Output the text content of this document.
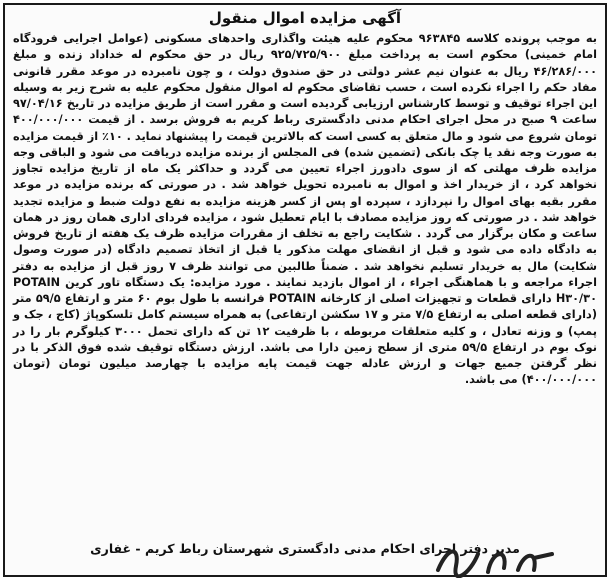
آگهی مزایده اموال منقول

به موجب پرونده کلاسه ۹۶۳۸۴۵ محکوم علیه هیئت واگذاری واحدهای مسکونی (عوامل اجرایی فرودگاه امام خمینی) محکوم است به پرداخت مبلغ ۹۲۵/۷۲۵/۹۰۰ ریال در حق محکوم له خداداد زنده و مبلغ ۴۶/۲۸۶/۰۰۰ ریال به عنوان نیم عشر دولتی در حق صندوق دولت ، و چون نامبرده در موعد مقرر قانونی مفاد حکم را اجراء نکرده است ، حسب تقاضای محکوم له اموال منقول محکوم علیه به شرح زیر به وسیله این اجراء توقیف و توسط کارشناس ارزیابی گردیده است و مقرر است از طریق مزایده در تاریخ ۹۷/۰۴/۱۶ ساعت ۹ صبح در محل اجرای احکام مدنی دادگستری رباط کریم به فروش برسد . از قیمت ۴۰۰/۰۰۰/۰۰۰ تومان شروع می شود و مال متعلق به کسی است که بالاترین قیمت را پیشنهاد نماید . ۱۰٪ از قیمت مزایده به صورت وجه نقد یا چک بانکی (تضمین شده) فی المجلس از برنده مزایده دریافت می شود و الباقی وجه مزایده ظرف مهلتی که از سوی دادورز اجراء تعیین می گردد و حداکثر یک ماه از تاریخ مزایده تجاوز نخواهد کرد ، از خریدار اخذ و اموال به نامبرده تحویل خواهد شد . در صورتی که برنده مزایده در موعد مقرر بقیه بهای اموال را نپردازد ، سپرده او پس از کسر هزینه مزایده به نفع دولت ضبط و مزایده تجدید خواهد شد . در صورتی که روز مزایده مصادف با ایام تعطیل شود ، مزایده فردای اداری همان روز در همان ساعت و مکان برگزار می گردد . شکایت راجع به تخلف از مقررات مزایده ظرف یک هفته از تاریخ فروش به دادگاه داده می شود و قبل از انقضای مهلت مذکور یا قبل از اتخاذ تصمیم دادگاه (در صورت وصول شکایت) مال به خریدار تسلیم نخواهد شد . ضمناً طالبین می توانند ظرف ۷ روز قبل از مزایده به دفتر اجراء مراجعه و با هماهنگی اجراء ، از اموال بازدید نمایند . مورد مزایده: یک دستگاه تاور کرین POTAIN H۳۰/۳۰ دارای قطعات و تجهیزات اصلی از کارخانه POTAIN فرانسه با طول بوم ۶۰ متر و ارتفاع ۵۹/۵ متر (دارای قطعه اصلی به ارتفاع ۷/۵ متر و ۱۷ سکشن ارتفاعی) به همراه سیستم کامل تلسکوپاژ (کاج ، جک و پمپ) و وزنه تعادل ، و کلیه متعلقات مربوطه ، با ظرفیت ۱۲ تن که دارای تحمل ۳۰۰۰ کیلوگرم بار را در نوک بوم در ارتفاع ۵۹/۵ متری از سطح زمین دارا می باشد. ارزش دستگاه توقیف شده فوق الذکر با در نظر گرفتن جمیع جهات و ارزش عادله جهت قیمت پایه مزایده با چهارصد میلیون تومان (تومان ۴۰۰/۰۰۰/۰۰۰) می باشد.

مدیر دفتر اجرای احکام مدنی دادگستری شهرستان رباط کریم - غفاری
